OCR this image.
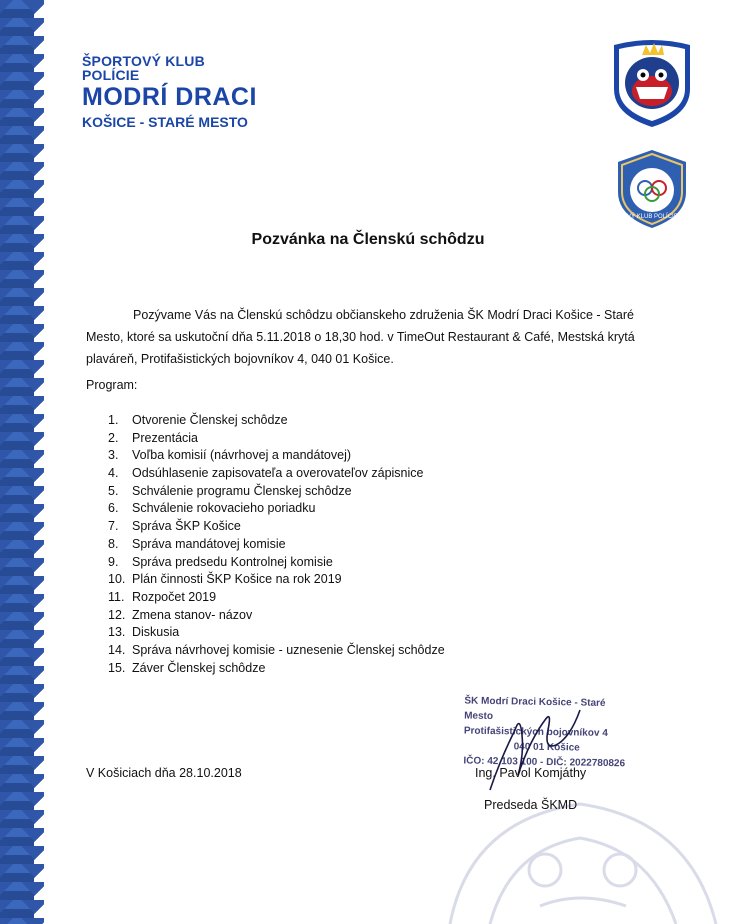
ŠPORTOVÝ KLUB POLÍCIE
MODRÍ DRACI
KOŠICE - STARÉ MESTO
ŠPORTOVÝ KLUB POLÍCIE KOŠICE
Pozvánka na Členskú schôdzu
Pozývame Vás na Členskú schôdzu občianskeho združenia ŠK Modrí Draci Košice - Staré
Mesto, ktoré sa uskutoční dňa 5.11.2018 o 18,30 hod. v TimeOut Restaurant & Café, Mestská krytá
plaváreň, Protifašistických bojovníkov 4, 040 01 Košice.
Program:
1. Otvorenie Členskej schôdze
2. Prezentácia
3. Voľba komisií (návrhovej a mandátovej)
4. Odsúhlasenie zapisovateľa a overovateľov zápisnice
5. Schválenie programu Členskej schôdze
6. Schválenie rokovacieho poriadku
7. Správa ŠKP Košice
8. Správa mandátovej komisie
9. Správa predsedu Kontrolnej komisie
10. Plán činnosti ŠKP Košice na rok 2019
11. Rozpočet 2019
12. Zmena stanov- názov
13. Diskusia
14. Správa návrhovej komisie - uznesenie Členskej schôdze
15. Záver Členskej schôdze
ŠK Modrí Draci Košice - Staré Mesto
Protifašistických bojovníkov 4
040 01 Košice
IČO: 42 103 100 - DIČ: 2022780826
V Košiciach dňa 28.10.2018	Ing. Pavol Komjáthy
Predseda ŠKMD
